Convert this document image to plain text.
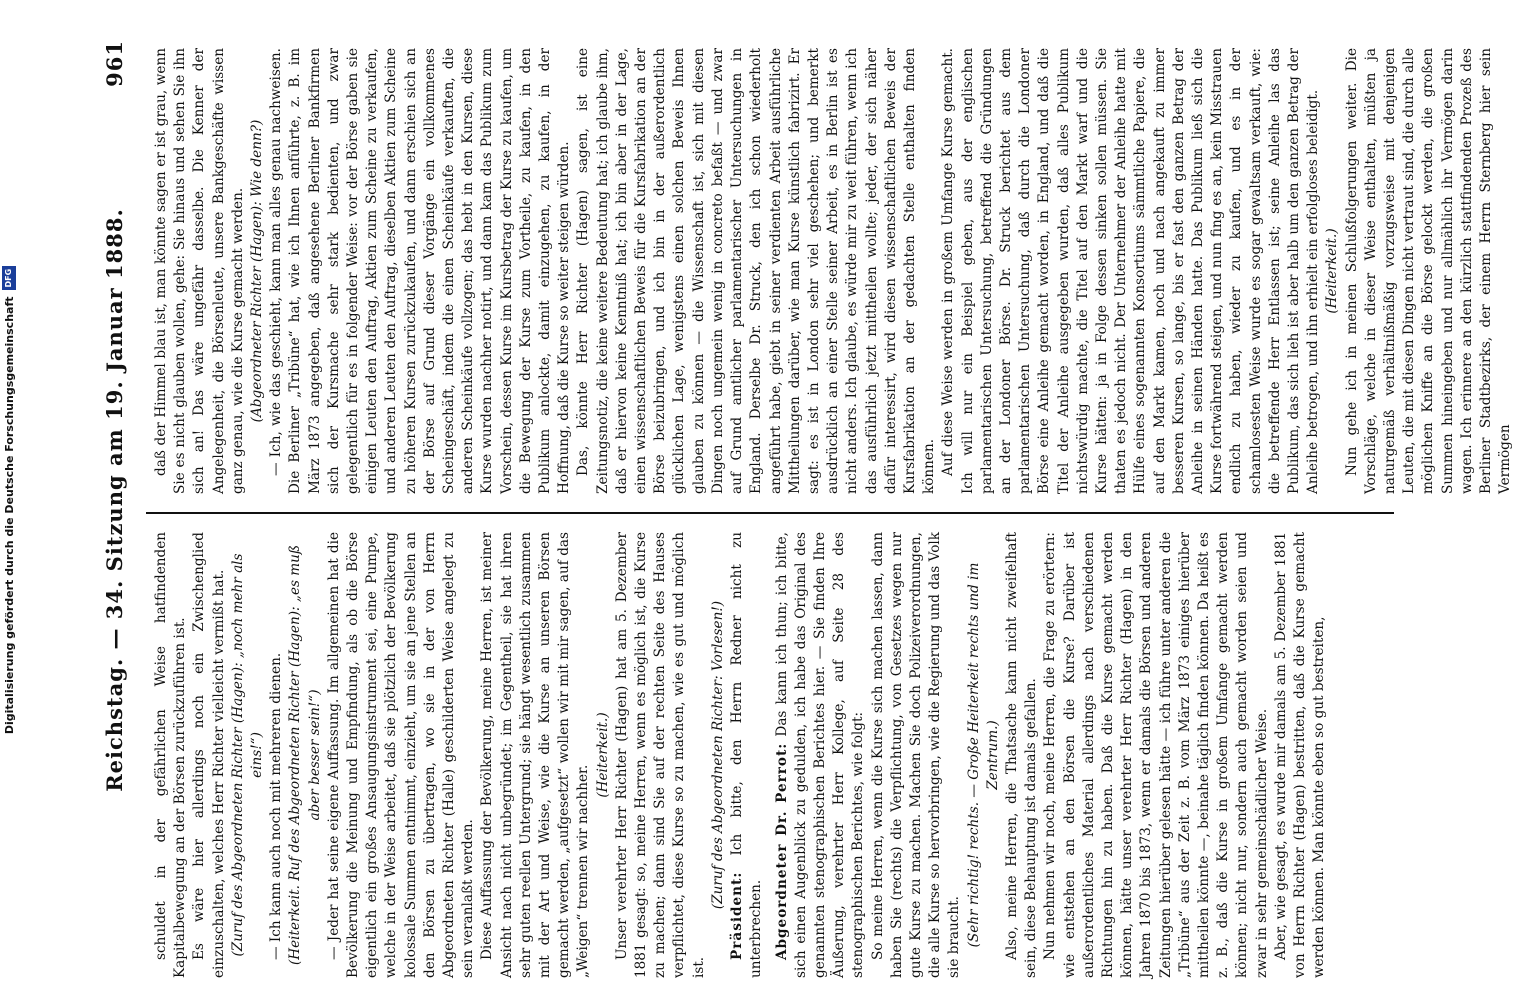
Reichstag. — 34. Sitzung am 19. Januar 1888.
961

schuldet in der gefährlichen Weise hatfindenden Kapitalbewegung an der Börsen zurückzuführen ist. Es wäre hier allerdings noch ein Zwischenglied einzuschalten, welches Herr Richter vielleicht vermißt hat. (Zuruf des Abgeordneten Richter (Hagen): „noch mehr als eins!“) — Ich kann auch noch mit mehreren dienen. (Heiterkeit. Ruf des Abgeordneten Richter (Hagen): „es muß aber besser sein!“) — Jeder hat seine eigene Auffassung. Im allgemeinen hat die Bevölkerung die Meinung und Empfindung, als ob die Börse eigentlich ein großes Ansaugungsinstrument sei, eine Pumpe, welche in der Weise arbeitet, daß sie plötzlich der Bevölkerung kolossale Summen entnimmt, einzieht, um sie an jene Stellen an den Börsen zu übertragen, wo sie in der von Herrn Abgeordneten Richter (Halle) geschilderten Weise angelegt zu sein veranlaßt werden. Diese Auffassung der Bevölkerung, meine Herren, ist meiner Ansicht nach nicht unbegründet; im Gegentheil, sie hat ihren sehr guten reellen Untergrund; sie hängt wesentlich zusammen mit der Art und Weise, wie die Kurse an unseren Börsen gemacht werden, „aufgesetzt“ wollen wir mit mir sagen, auf das „Weigen“ trennen wir nachher.

(Heiterkeit.) Unser verehrter Herr Richter (Hagen) hat am 5. Dezember 1881 gesagt: so, meine Herren, wenn es möglich ist, die Kurse zu machen; dann sind Sie auf der rechten Seite des Hauses verpflichtet, diese Kurse so zu machen, wie es gut und möglich ist.

(Zuruf des Abgeordneten Richter: Vorlesen!)

Präsident: Ich bitte, den Herrn Redner nicht zu unterbrechen. Abgeordneter Dr. Perrot: Das kann ich thun; ich bitte, sich einen Augenblick zu gedulden, ich habe das Original des genannten stenographischen Berichtes hier. — Sie finden Ihre Äußerung, verehrter Herr Kollege, auf Seite 28 des stenographischen Berichtes, wie folgt: So meine Herren, wenn die Kurse sich machen lassen, dann haben Sie (rechts) die Verpflichtung, von Gesetzes wegen nur gute Kurse zu machen. Machen Sie doch Polizeiverordnungen, die alle Kurse so hervorbringen, wie die Regierung und das Volk sie braucht. (Sehr richtig! rechts. — Große Heiterkeit rechts und im Zentrum.) Also, meine Herren, die Thatsache kann nicht zweifelhaft sein, diese Behauptung ist damals gefallen. Nun nehmen wir noch, meine Herren, die Frage zu erörtern: wie entstehen an den Börsen die Kurse? Darüber ist außerordentliches Material allerdings nach verschiedenen Richtungen hin zu haben. Daß die Kurse gemacht werden können, hätte unser verehrter Herr Richter (Hagen) in den Jahren 1870 bis 1873, wenn er damals die Börsen und anderen Zeitungen hierüber gelesen hätte — ich führe unter anderen die „Tribüne“ aus der Zeit z. B. vom März 1873 einiges hierüber mittheilen könnte —, beinahe täglich finden können. Da heißt es z. B., daß die Kurse in großem Umfange gemacht werden können; nicht nur, sondern auch gemacht worden seien und zwar in sehr gemeinschädlicher Weise. Aber, wie gesagt, es wurde mir damals am 5. Dezember 1881 von Herrn Richter (Hagen) bestritten, daß die Kurse gemacht werden können. Man könnte eben so gut bestreiten,

daß der Himmel blau ist, man könnte sagen er ist grau, wenn Sie es nicht glauben wollen, gehe: Sie hinaus und sehen Sie ihn sich an! Das wäre ungefähr dasselbe. Die Kenner der Angelegenheit, die Börsenleute, unsere Bankgeschäfte wissen ganz genau, wie die Kurse gemacht werden. (Abgeordneter Richter (Hagen): Wie denn?) — Ich, wie das geschieht, kann man alles genau nachweisen. Die Berliner „Tribüne“ hat, wie ich Ihnen anführte, z. B. im März 1873 angegeben, daß angesehene Berliner Bankfirmen sich der Kursmache sehr stark bedienten, und zwar gelegentlich für es in folgender Weise: vor der Börse gaben sie einigen Leuten den Auftrag, Aktien zum Scheine zu verkaufen, und anderen Leuten den Auftrag, dieselben Aktien zum Scheine zu höheren Kursen zurückzukaufen, und dann erschien sich an der Börse auf Grund dieser Vorgänge ein vollkommenes Scheingeschäft, indem die einen Scheinkäufe verkauften, die anderen Scheinkäufe vollzogen; das hebt in den Kursen, diese Kurse wurden nachher notirt, und dann kam das Publikum zum Vorschein, dessen Kurse im Kursbetrag der Kurse zu kaufen, um die Bewegung der Kurse zum Vortheile, zu kaufen, in den Publikum anlockte, damit einzugehen, zu kaufen, in der Hoffnung, daß die Kurse so weiter steigen würden. Das, könnte Herr Richter (Hagen) sagen, ist eine Zeitungsnotiz, die keine weitere Bedeutung hat; ich glaube ihm, daß er hiervon keine Kenntniß hat; ich bin aber in der Lage, einen wissenschaftlichen Beweis für die Kursfabrikation an der Börse beizubringen, und ich bin in der außerordentlich glücklichen Lage, wenigstens einen solchen Beweis Ihnen glauben zu können — die Wissenschaft ist, sich mit diesen Dingen noch ungemein wenig in concreto befaßt — und zwar auf Grund amtlicher parlamentarischer Untersuchungen in England. Derselbe Dr. Struck, den ich schon wiederholt angeführt habe, giebt in seiner verdienten Arbeit ausführliche Mittheilungen darüber, wie man Kurse künstlich fabrizirt. Er sagt: es ist in London sehr viel geschehen; und bemerkt ausdrücklich an einer Stelle seiner Arbeit, es in Berlin ist es nicht anders. Ich glaube, es würde mir zu weit führen, wenn ich das ausführlich jetzt mittheilen wollte; jeder, der sich näher dafür interessirt, wird diesen wissenschaftlichen Beweis der Kursfabrikation an der gedachten Stelle enthalten finden können. Auf diese Weise werden in großem Umfange Kurse gemacht. Ich will nur ein Beispiel geben, aus der englischen parlamentarischen Untersuchung, betreffend die Gründungen an der Londoner Börse. Dr. Struck berichtet aus dem parlamentarischen Untersuchung, daß durch die Londoner Börse eine Anleihe gemacht worden, in England, und daß die Titel der Anleihe ausgegeben wurden, daß alles Publikum nichtswürdig machte, die Titel auf den Markt warf und die Kurse hätten: ja in Folge dessen sinken sollen müssen. Sie thaten es jedoch nicht. Der Unternehmer der Anleihe hatte mit Hülfe eines sogenannten Konsortiums sämmtliche Papiere, die auf den Markt kamen, noch und nach angekauft zu immer besseren Kursen, so lange, bis er fast den ganzen Betrag der Anleihe in seinen Händen hatte. Das Publikum ließ sich die Kurse fortwährend steigen, und nun fing es an, kein Misstrauen endlich zu haben, wieder zu kaufen, und es in der schamlosesten Weise wurde es sogar gewaltsam verkauft, wie: die betreffende Herr Entlassen ist; seine Anleihe las das Publikum, das sich lieh ist aber halb um den ganzen Betrag der Anleihe betrogen, und ihn erhielt ein erfolgloses beleidigt. (Heiterkeit.) Nun gehe ich in meinen Schlußfolgerungen weiter. Die Vorschläge, welche in dieser Weise enthalten, müßten ja naturgemäß verhältnißmäßig vorzugsweise mit denjenigen Leuten, die mit diesen Dingen nicht vertraut sind, die durch alle möglichen Kniffe an die Börse gelockt werden, die großen Summen hineingeben und nur allmählich ihr Vermögen darin wagen. Ich erinnere an den kürzlich stattfindenden Prozeß des Berliner Stadtbezirks, der einem Herrn Sternberg hier sein Vermögen

Digitalisierung gefördert durch die Deutsche Forschungsgemeinschaft
DFG
